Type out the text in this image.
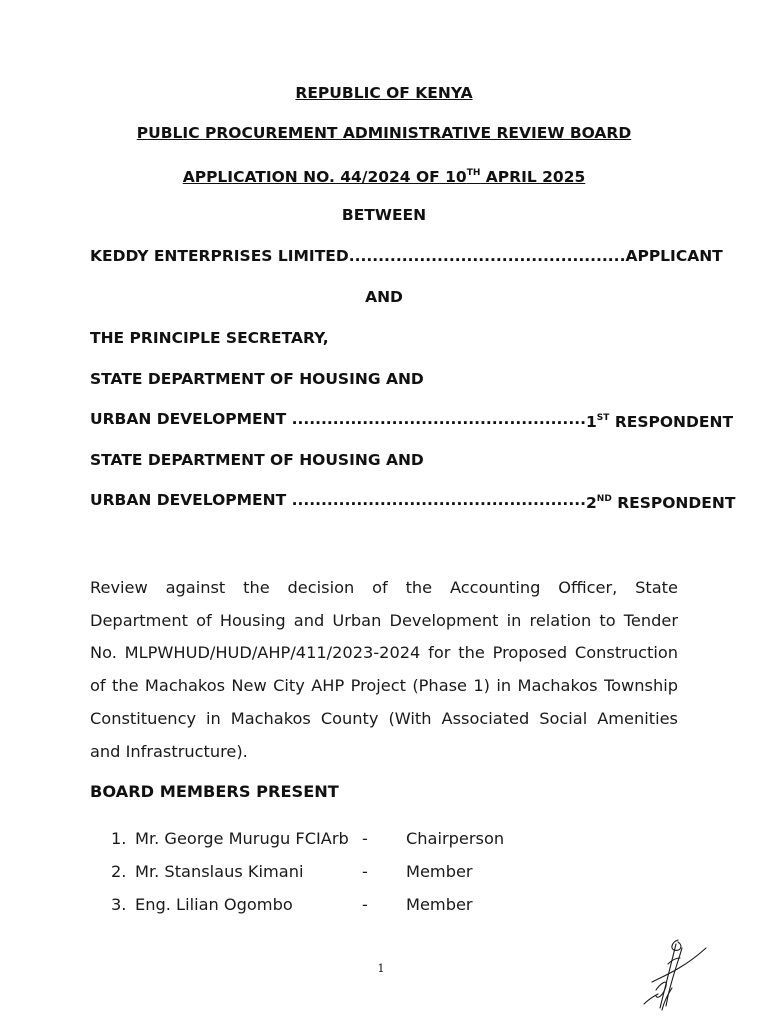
REPUBLIC OF KENYA
PUBLIC PROCUREMENT ADMINISTRATIVE REVIEW BOARD
APPLICATION NO. 44/2024 OF 10TH APRIL 2025
BETWEEN
KEDDY ENTERPRISES LIMITED............................................... APPLICANT
AND
THE PRINCIPLE SECRETARY,
STATE DEPARTMENT OF HOUSING AND
URBAN DEVELOPMENT .................................................. 1ST RESPONDENT
STATE DEPARTMENT OF HOUSING AND
URBAN DEVELOPMENT .................................................. 2ND RESPONDENT
Review against the decision of the Accounting Officer, State Department of Housing and Urban Development in relation to Tender No. MLPWHUD/HUD/AHP/411/2023-2024 for the Proposed Construction of the Machakos New City AHP Project (Phase 1) in Machakos Township Constituency in Machakos County (With Associated Social Amenities and Infrastructure).
BOARD MEMBERS PRESENT
1. Mr. George Murugu FCIArb -	Chairperson
2. Mr. Stanslaus Kimani	-	Member
3. Eng. Lilian Ogombo	-	Member
1
